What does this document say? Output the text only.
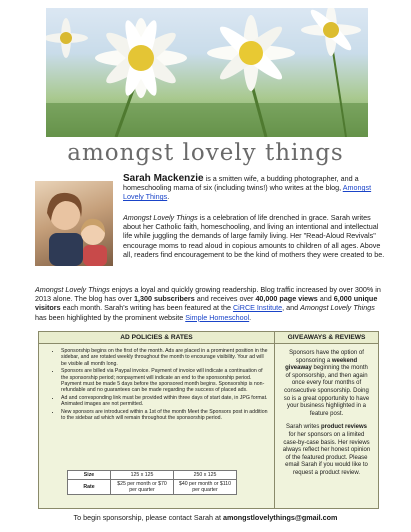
amongst lovely things
Sarah Mackenzie is a smitten wife, a budding photographer, and a homeschooling mama of six (including twins!) who writes at the blog, Amongst Lovely Things.
Amongst Lovely Things is a celebration of life drenched in grace. Sarah writes about her Catholic faith, homeschooling, and living an intentional and intellectual life while juggling the demands of large family living. Her "Read-Aloud Revivals" encourage moms to read aloud in copious amounts to children of all ages. Above all, readers find encouragement to be the kind of mothers they were created to be.
Amongst Lovely Things enjoys a loyal and quickly growing readership. Blog traffic increased by over 300% in 2013 alone. The blog has over 1,300 subscribers and receives over 40,000 page views and 6,000 unique visitors each month. Sarah's writing has been featured at the CiRCE Institute, and Amongst Lovely Things has been highlighted by the prominent website Simple Homeschool.
AD POLICIES & RATES
• Sponsorship begins on the first of the month. Ads are placed in a prominent position in the sidebar, and are rotated weekly throughout the month to encourage visibility. Your ad will be visible all month long.
• Sponsors are billed via Paypal invoice. Payment of invoice will indicate a continuation of the sponsorship period; nonpayment will indicate an end to the sponsorship period. Payment must be made 5 days before the sponsored month begins. Sponsorship is non-refundable and no guarantees can be made regarding the success of placed ads.
• Ad and corresponding link must be provided within three days of start date, in JPG format. Animated images are not permitted.
• New sponsors are introduced within a 1st of the month Meet the Sponsors post in addition to the sidebar ad which will remain throughout the sponsorship period.
Size	125 x 125	250 x 125
Rate	$25 per month or $70 per quarter	$40 per month or $110 per quarter
GIVEAWAYS & REVIEWS

Sponsors have the option of sponsoring a weekend giveaway beginning the month of sponsorship, and then again once every four months of consecutive sponsorship. Doing so is a great opportunity to have your business highlighted in a feature post.

Sarah writes product reviews for her sponsors on a limited case-by-case basis. Her reviews always reflect her honest opinion of the featured product. Please email Sarah if you would like to request a product review.

To begin sponsorship, please contact Sarah at amongstlovelythings@gmail.com
